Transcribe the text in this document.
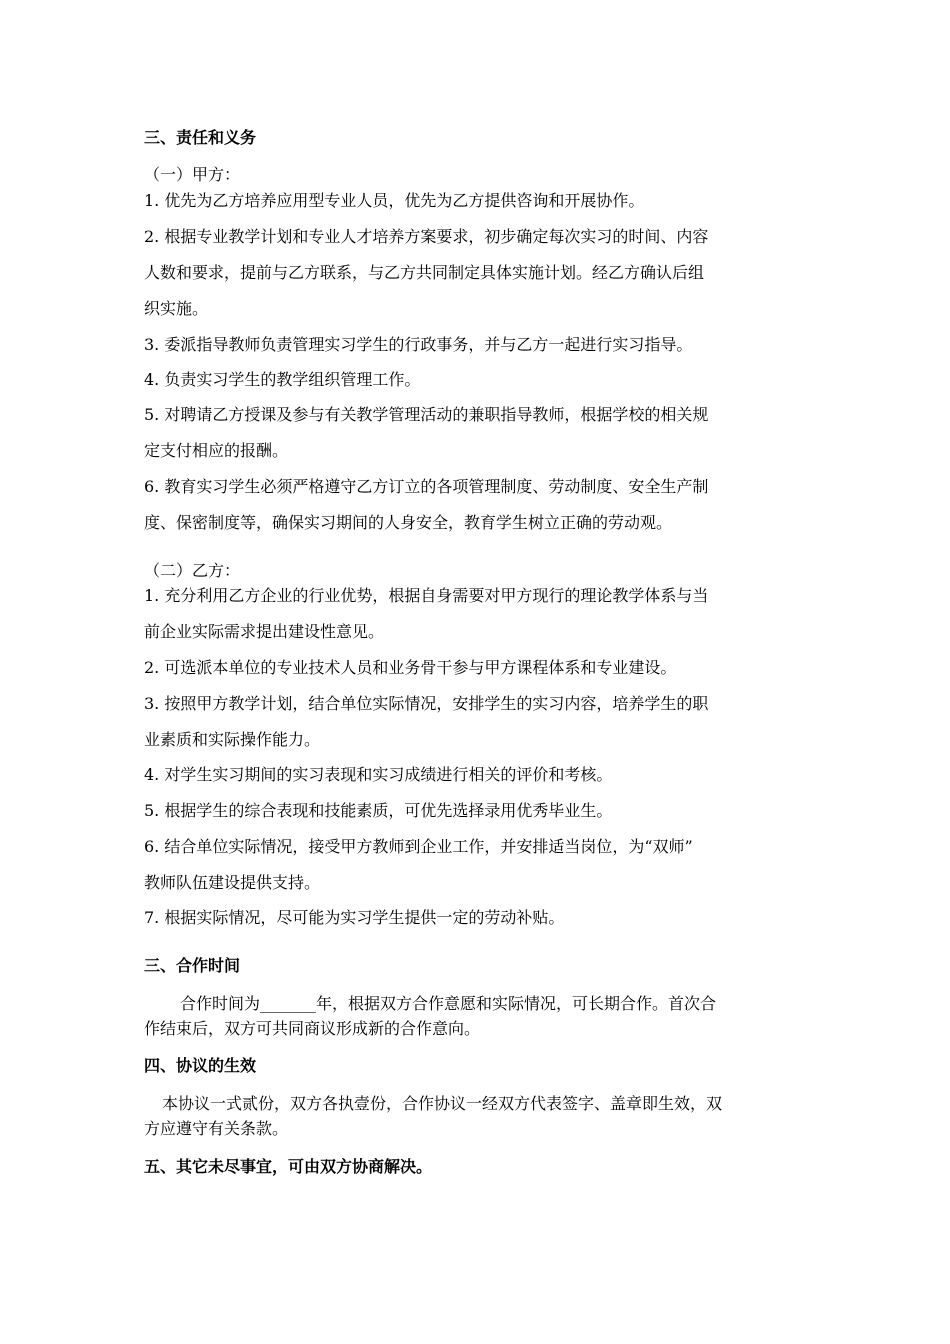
三、责任和义务
（一）甲方：
1. 优先为乙方培养应用型专业人员，优先为乙方提供咨询和开展协作。
2. 根据专业教学计划和专业人才培养方案要求，初步确定每次实习的时间、内容
人数和要求，提前与乙方联系，与乙方共同制定具体实施计划。经乙方确认后组
织实施。
3. 委派指导教师负责管理实习学生的行政事务，并与乙方一起进行实习指导。
4. 负责实习学生的教学组织管理工作。
5. 对聘请乙方授课及参与有关教学管理活动的兼职指导教师，根据学校的相关规
定支付相应的报酬。
6. 教育实习学生必须严格遵守乙方订立的各项管理制度、劳动制度、安全生产制
度、保密制度等，确保实习期间的人身安全，教育学生树立正确的劳动观。
（二）乙方：
1. 充分利用乙方企业的行业优势，根据自身需要对甲方现行的理论教学体系与当
前企业实际需求提出建设性意见。
2. 可选派本单位的专业技术人员和业务骨干参与甲方课程体系和专业建设。
3. 按照甲方教学计划，结合单位实际情况，安排学生的实习内容，培养学生的职
业素质和实际操作能力。
4. 对学生实习期间的实习表现和实习成绩进行相关的评价和考核。
5. 根据学生的综合表现和技能素质，可优先选择录用优秀毕业生。
6. 结合单位实际情况，接受甲方教师到企业工作，并安排适当岗位，为“双师”
教师队伍建设提供支持。
7. 根据实际情况，尽可能为实习学生提供一定的劳动补贴。
三、合作时间
合作时间为_______年，根据双方合作意愿和实际情况，可长期合作。首次合
作结束后，双方可共同商议形成新的合作意向。
四、协议的生效
本协议一式贰份，双方各执壹份，合作协议一经双方代表签字、盖章即生效，双
方应遵守有关条款。
五、其它未尽事宜，可由双方协商解决。
